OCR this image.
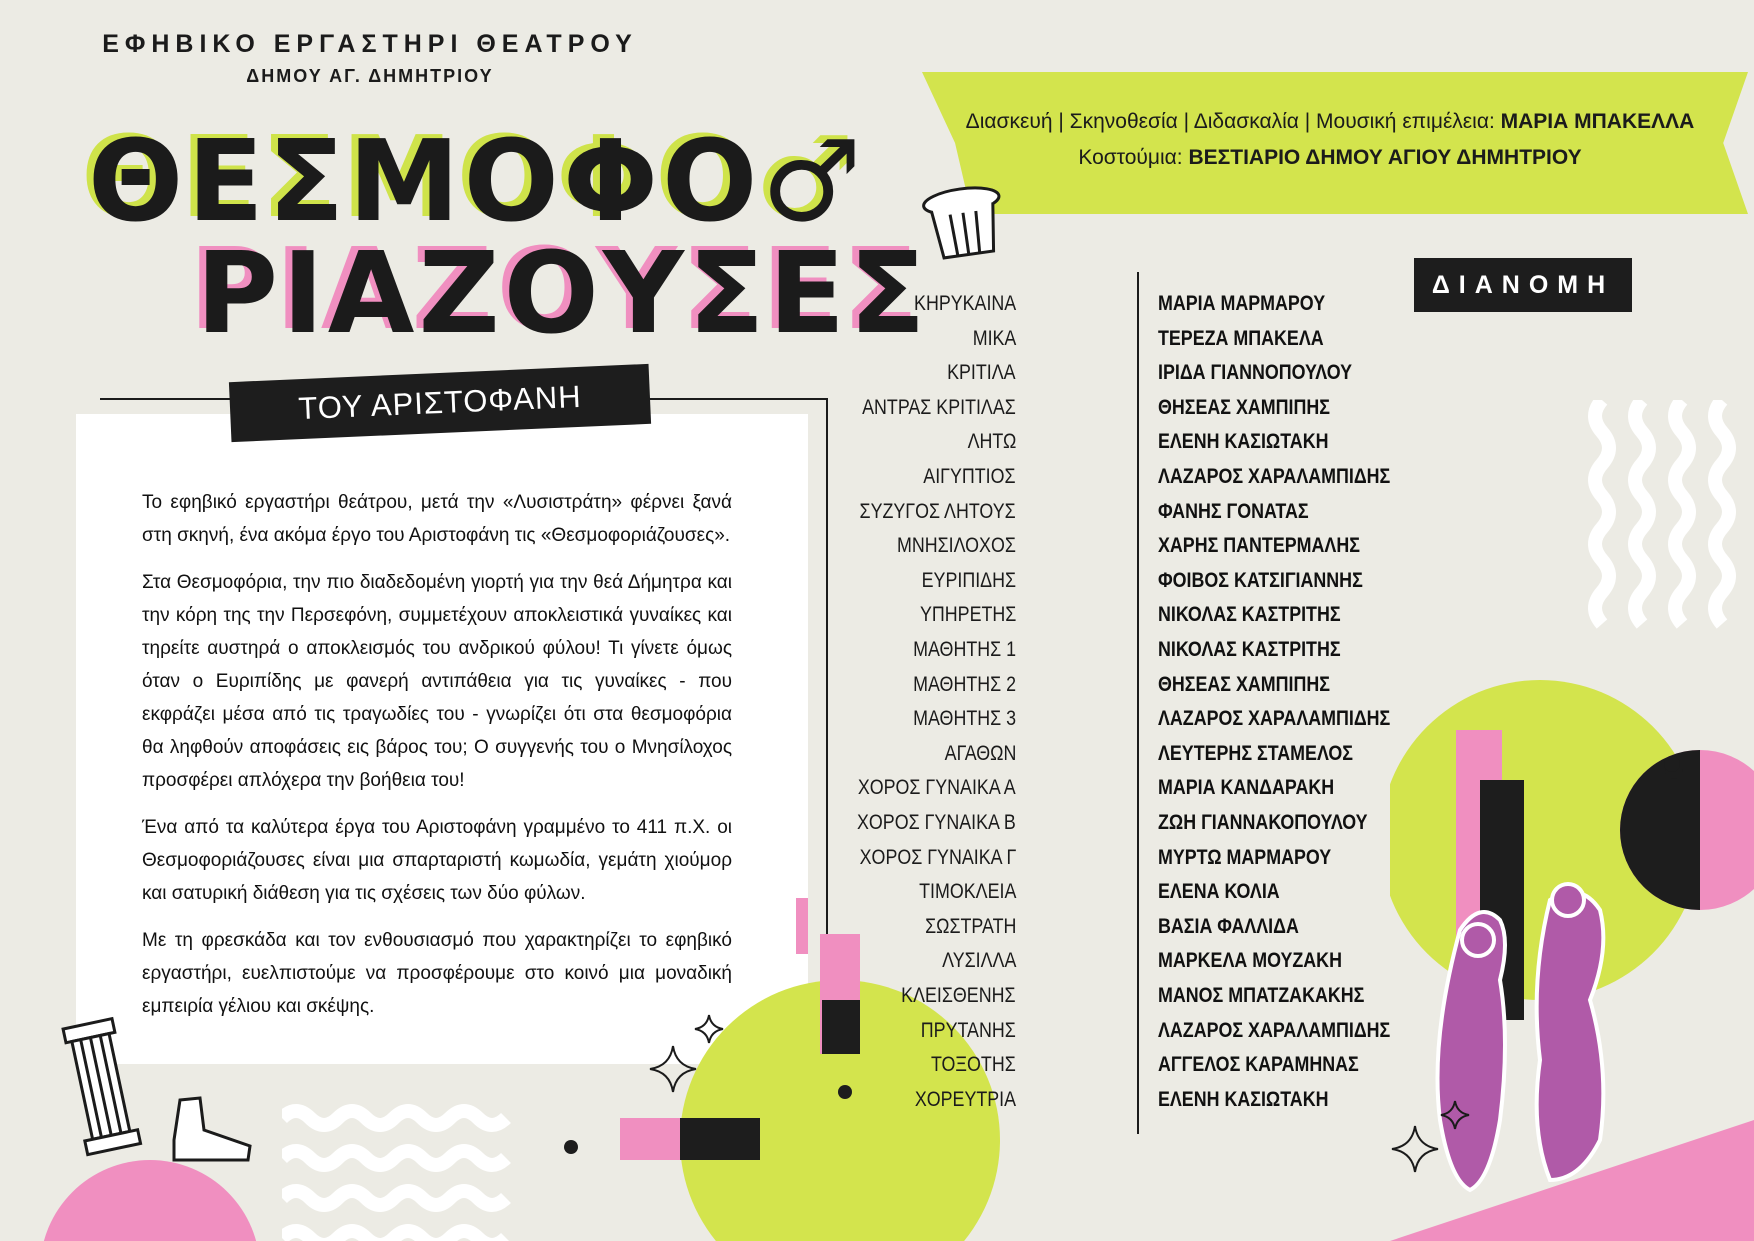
ΕΦΗΒΙΚΟ ΕΡΓΑΣΤΗΡΙ ΘΕΑΤΡΟΥ
ΔΗΜΟΥ ΑΓ. ΔΗΜΗΤΡΙΟΥ
ΘΕΣΜΟΦΟ♂
ΡΙΑΖΟΥΣΕΣ
ΤΟΥ ΑΡΙΣΤΟΦΑΝΗ

Το εφηβικό εργαστήρι θεάτρου, μετά την «Λυσιστράτη» φέρνει ξανά στη σκηνή, ένα ακόμα έργο του Αριστοφάνη τις «Θεσμοφοριάζουσες».

Στα Θεσμοφόρια, την πιο διαδεδομένη γιορτή για την θεά Δήμητρα και την κόρη της την Περσεφόνη, συμμετέχουν αποκλειστικά γυναίκες και τηρείτε αυστηρά ο αποκλεισμός του ανδρικού φύλου! Τι γίνετε όμως όταν ο Ευριπίδης με φανερή αντιπάθεια για τις γυναίκες - που εκφράζει μέσα από τις τραγωδίες του - γνωρίζει ότι στα θεσμοφόρια θα ληφθούν αποφάσεις εις βάρος του; Ο συγγενής του ο Μνησίλοχος προσφέρει απλόχερα την βοήθεια του!

Ένα από τα καλύτερα έργα του Αριστοφάνη γραμμένο το 411 π.Χ. οι Θεσμοφοριάζουσες είναι μια σπαρταριστή κωμωδία, γεμάτη χιούμορ και σατυρική διάθεση για τις σχέσεις των δύο φύλων.

Με τη φρεσκάδα και τον ενθουσιασμό που χαρακτηρίζει το εφηβικό εργαστήρι, ευελπιστούμε να προσφέρουμε στο κοινό μια μοναδική εμπειρία γέλιου και σκέψης.

Διασκευή | Σκηνοθεσία | Διδασκαλία | Μουσική επιμέλεια: ΜΑΡΙΑ ΜΠΑΚΕΛΛΑ
Κοστούμια: ΒΕΣΤΙΑΡΙΟ ΔΗΜΟΥ ΑΓΙΟΥ ΔΗΜΗΤΡΙΟΥ
ΔΙΑΝΟΜΗ
ΚΗΡΥΚΑΙΝΑ	ΜΑΡΙΑ ΜΑΡΜΑΡΟΥ
ΜΙΚΑ	ΤΕΡΕΖΑ ΜΠΑΚΕΛΑ
ΚΡΙΤΙΛΑ	ΙΡΙΔΑ ΓΙΑΝΝΟΠΟΥΛΟΥ
ΑΝΤΡΑΣ ΚΡΙΤΙΛΑΣ	ΘΗΣΕΑΣ ΧΑΜΠΙΠΗΣ
ΛΗΤΩ	ΕΛΕΝΗ ΚΑΣΙΩΤΑΚΗ
ΑΙΓΥΠΤΙΟΣ	ΛΑΖΑΡΟΣ ΧΑΡΑΛΑΜΠΙΔΗΣ
ΣΥΖΥΓΟΣ ΛΗΤΟΥΣ	ΦΑΝΗΣ ΓΟΝΑΤΑΣ
ΜΝΗΣΙΛΟΧΟΣ	ΧΑΡΗΣ ΠΑΝΤΕΡΜΑΛΗΣ
ΕΥΡΙΠΙΔΗΣ	ΦΟΙΒΟΣ ΚΑΤΣΙΓΙΑΝΝΗΣ
ΥΠΗΡΕΤΗΣ	ΝΙΚΟΛΑΣ ΚΑΣΤΡΙΤΗΣ
ΜΑΘΗΤΗΣ 1	ΝΙΚΟΛΑΣ ΚΑΣΤΡΙΤΗΣ
ΜΑΘΗΤΗΣ 2	ΘΗΣΕΑΣ ΧΑΜΠΙΠΗΣ
ΜΑΘΗΤΗΣ 3	ΛΑΖΑΡΟΣ ΧΑΡΑΛΑΜΠΙΔΗΣ
ΑΓΑΘΩΝ	ΛΕΥΤΕΡΗΣ ΣΤΑΜΕΛΟΣ
ΧΟΡΟΣ ΓΥΝΑΙΚΑ Α	ΜΑΡΙΑ ΚΑΝΔΑΡΑΚΗ
ΧΟΡΟΣ ΓΥΝΑΙΚΑ Β	ΖΩΗ ΓΙΑΝΝΑΚΟΠΟΥΛΟΥ
ΧΟΡΟΣ ΓΥΝΑΙΚΑ Γ	ΜΥΡΤΩ ΜΑΡΜΑΡΟΥ
ΤΙΜΟΚΛΕΙΑ	ΕΛΕΝΑ ΚΟΛΙΑ
ΣΩΣΤΡΑΤΗ	ΒΑΣΙΑ ΦΑΛΛΙΔΑ
ΛΥΣΙΛΛΑ	ΜΑΡΚΕΛΑ ΜΟΥΖΑΚΗ
ΚΛΕΙΣΘΕΝΗΣ	ΜΑΝΟΣ ΜΠΑΤΖΑΚΑΚΗΣ
ΠΡΥΤΑΝΗΣ	ΛΑΖΑΡΟΣ ΧΑΡΑΛΑΜΠΙΔΗΣ
ΤΟΞΟΤΗΣ	ΑΓΓΕΛΟΣ ΚΑΡΑΜΗΝΑΣ
ΧΟΡΕΥΤΡΙΑ	ΕΛΕΝΗ ΚΑΣΙΩΤΑΚΗ
